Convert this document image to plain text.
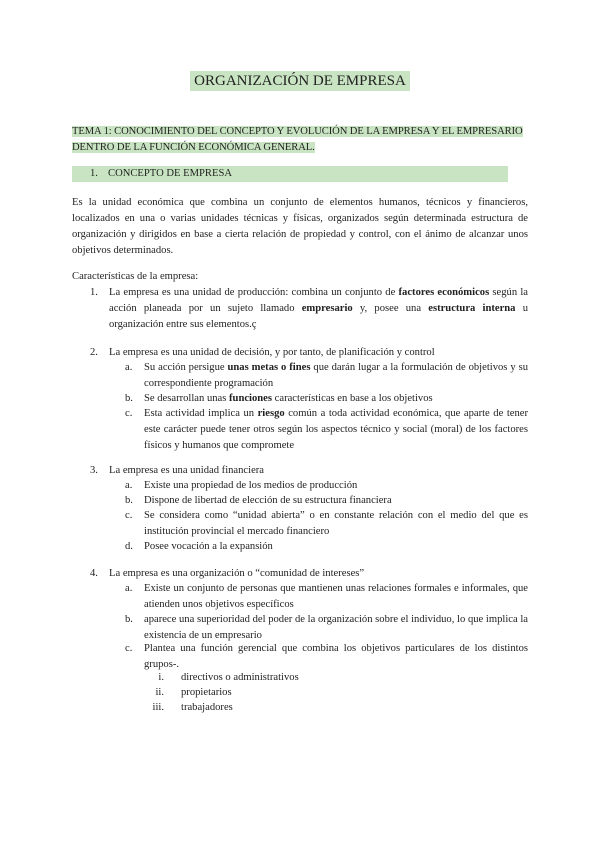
ORGANIZACIÓN DE EMPRESA
TEMA 1: CONOCIMIENTO DEL CONCEPTO Y EVOLUCIÓN DE LA EMPRESA Y EL EMPRESARIO DENTRO DE LA FUNCIÓN ECONÓMICA GENERAL.
1. CONCEPTO DE EMPRESA
Es la unidad económica que combina un conjunto de elementos humanos, técnicos y financieros, localizados en una o varias unidades técnicas y físicas, organizados según determinada estructura de organización y dirigidos en base a cierta relación de propiedad y control, con el ánimo de alcanzar unos objetivos determinados.
Características de la empresa:
1.	La empresa es una unidad de producción: combina un conjunto de factores económicos según la acción planeada por un sujeto llamado empresario y, posee una estructura interna u organización entre sus elementos.ç
2.	La empresa es una unidad de decisión, y por tanto, de planificación y control
a.	Su acción persigue unas metas o fines que darán lugar a la formulación de objetivos y su correspondiente programación
b.	Se desarrollan unas funciones características en base a los objetivos
c.	Esta actividad implica un riesgo común a toda actividad económica, que aparte de tener este carácter puede tener otros según los aspectos técnico y social (moral) de los factores físicos y humanos que compromete
3.	La empresa es una unidad financiera
a.	Existe una propiedad de los medios de producción
b.	Dispone de libertad de elección de su estructura financiera
c.	Se considera como “unidad abierta” o en constante relación con el medio del que es institución provincial el mercado financiero
d.	Posee vocación a la expansión
4.	La empresa es una organización o “comunidad de intereses”
a.	Existe un conjunto de personas que mantienen unas relaciones formales e informales, que atienden unos objetivos específicos
b.	aparece una superioridad del poder de la organización sobre el individuo, lo que implica la existencia de un empresario
c.	Plantea una función gerencial que combina los objetivos particulares de los distintos grupos-.
i. directivos o administrativos
ii. propietarios
iii. trabajadores
